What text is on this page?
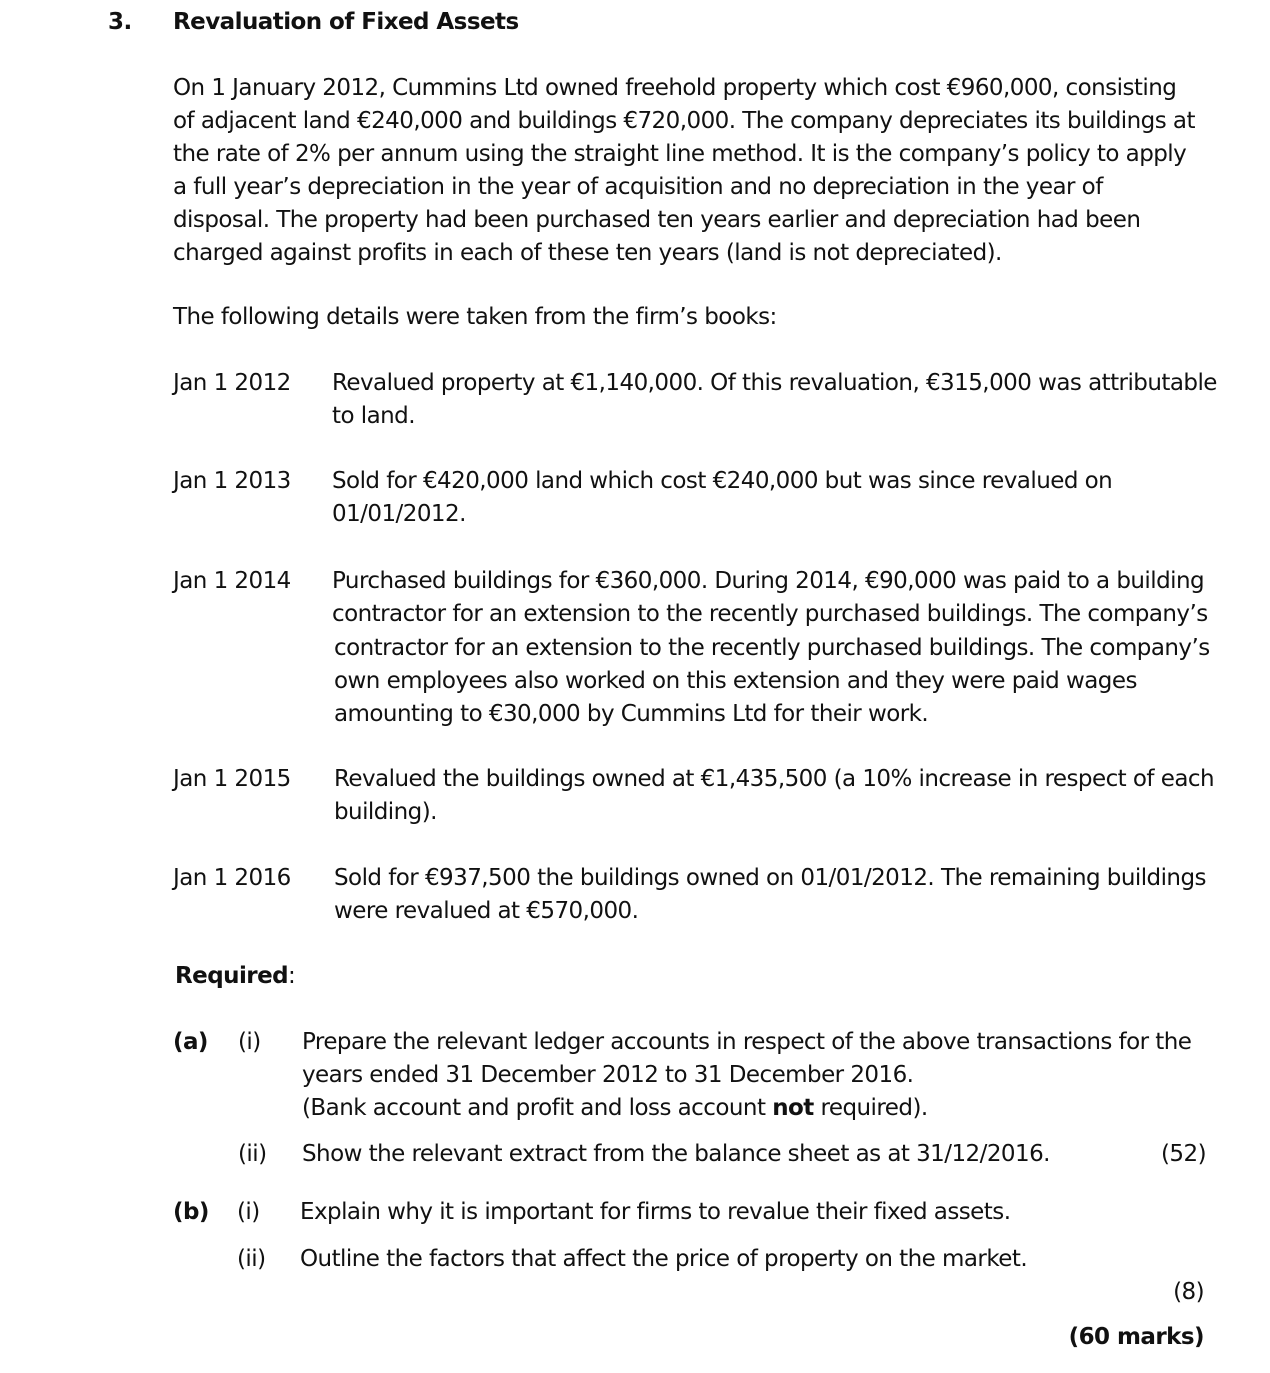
3. Revaluation of Fixed Assets
On 1 January 2012, Cummins Ltd owned freehold property which cost €960,000, consisting
of adjacent land €240,000 and buildings €720,000. The company depreciates its buildings at
the rate of 2% per annum using the straight line method. It is the company’s policy to apply
a full year’s depreciation in the year of acquisition and no depreciation in the year of
disposal. The property had been purchased ten years earlier and depreciation had been
charged against profits in each of these ten years (land is not depreciated).
The following details were taken from the firm’s books:
Jan 1 2012 Revalued property at €1,140,000. Of this revaluation, €315,000 was attributable
to land.
Jan 1 2013 Sold for €420,000 land which cost €240,000 but was since revalued on
01/01/2012.
Jan 1 2014 Purchased buildings for €360,000. During 2014, €90,000 was paid to a building
contractor for an extension to the recently purchased buildings. The company’s
contractor for an extension to the recently purchased buildings. The company’s
own employees also worked on this extension and they were paid wages
amounting to €30,000 by Cummins Ltd for their work.
Jan 1 2015 Revalued the buildings owned at €1,435,500 (a 10% increase in respect of each
building).
Jan 1 2016 Sold for €937,500 the buildings owned on 01/01/2012. The remaining buildings
were revalued at €570,000.
Required:
(a) (i) Prepare the relevant ledger accounts in respect of the above transactions for the
years ended 31 December 2012 to 31 December 2016.
(Bank account and profit and loss account not required).
(ii) Show the relevant extract from the balance sheet as at 31/12/2016.	(52)
(b) (i) Explain why it is important for firms to revalue their fixed assets.
(ii) Outline the factors that affect the price of property on the market.
(8)
(60 marks)
